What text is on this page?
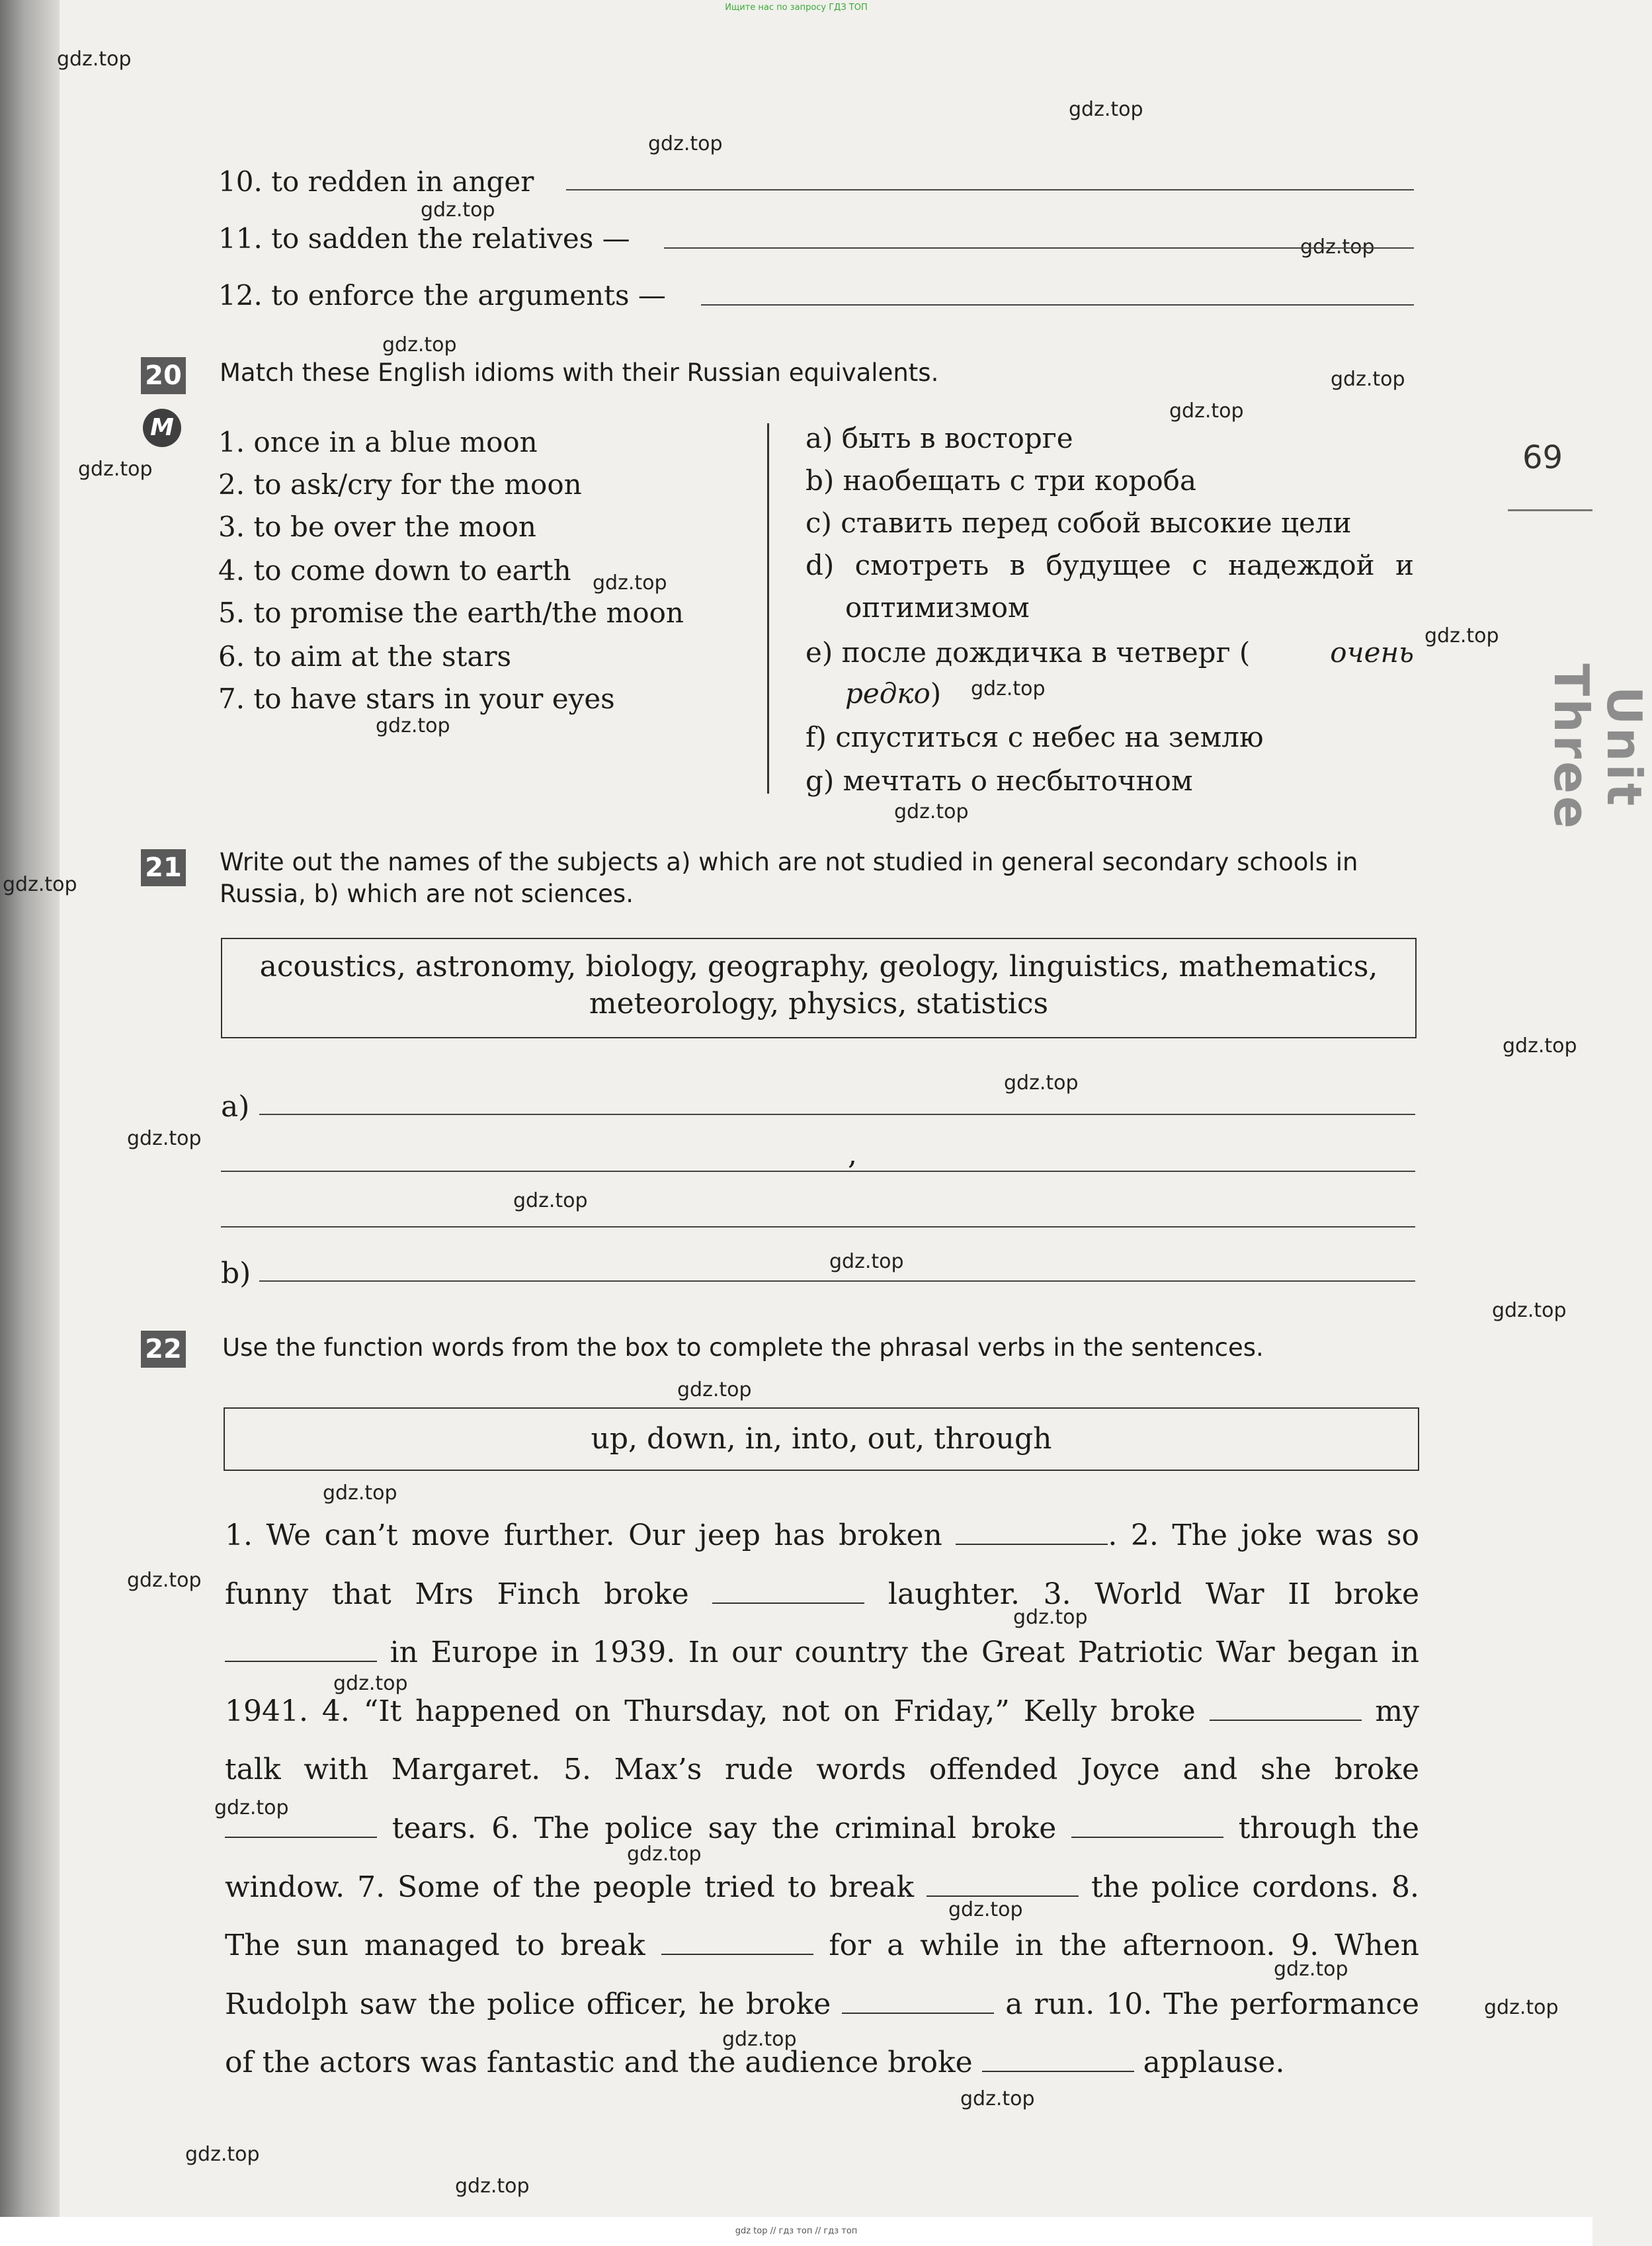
Ищите нас по запросу ГДЗ ТОП
gdz top // гдз топ // гдз топ
gdz.top
gdz.top
gdz.top
gdz.top
gdz.top
gdz.top
gdz.top
gdz.top
gdz.top
gdz.top
gdz.top
gdz.top
gdz.top
gdz.top
gdz.top
gdz.top
gdz.top
gdz.top
gdz.top
gdz.top
gdz.top
gdz.top
gdz.top
gdz.top
gdz.top
gdz.top
gdz.top
gdz.top
gdz.top
gdz.top
gdz.top
gdz.top
gdz.top
gdz.top
gdz.top
69
Unit Three
10. to redden in anger
11. to sadden the relatives —
12. to enforce the arguments —
20
М
Match these English idioms with their Russian equivalents.
1. once in a blue moon
2. to ask/cry for the moon
3. to be over the moon
4. to come down to earth
5. to promise the earth/the moon
6. to aim at the stars
7. to have stars in your eyes
a) быть в восторге
b) наобещать с три короба
c) ставить перед собой высокие цели
d) смотреть в будущее с надеждой и
оптимизмом
e) после дождичка в четверг (	очень
редко)
f) спуститься с небес на землю
g) мечтать о несбыточном
21 Write out the names of the subjects a) which are not studied in general secondary schools in Russia, b) which are not sciences.
acoustics, astronomy, biology, geography, geology, linguistics, mathematics,
meteorology, physics, statistics
a)
,
b)
22 Use the function words from the box to complete the phrasal verbs in the sentences.
up, down, in, into, out, through
1. We can’t move further. Our jeep has broken	. 2. The joke was so funny that Mrs Finch broke	laughter. 3. World War II broke  in Europe in 1939. In our country the Great Patriotic War began in 1941. 4. “It happened on Thursday, not on Friday,” Kelly broke	my talk with Margaret. 5. Max’s rude words offended Joyce and she broke  tears. 6. The police say the criminal broke	through the window. 7. Some of the people tried to break	the police cordons. 8. The sun managed to break	for a while in the afternoon. 9. When Rudolph saw the police officer, he broke	a run. 10. The performance of the actors was fantastic and the audience broke	applause.
